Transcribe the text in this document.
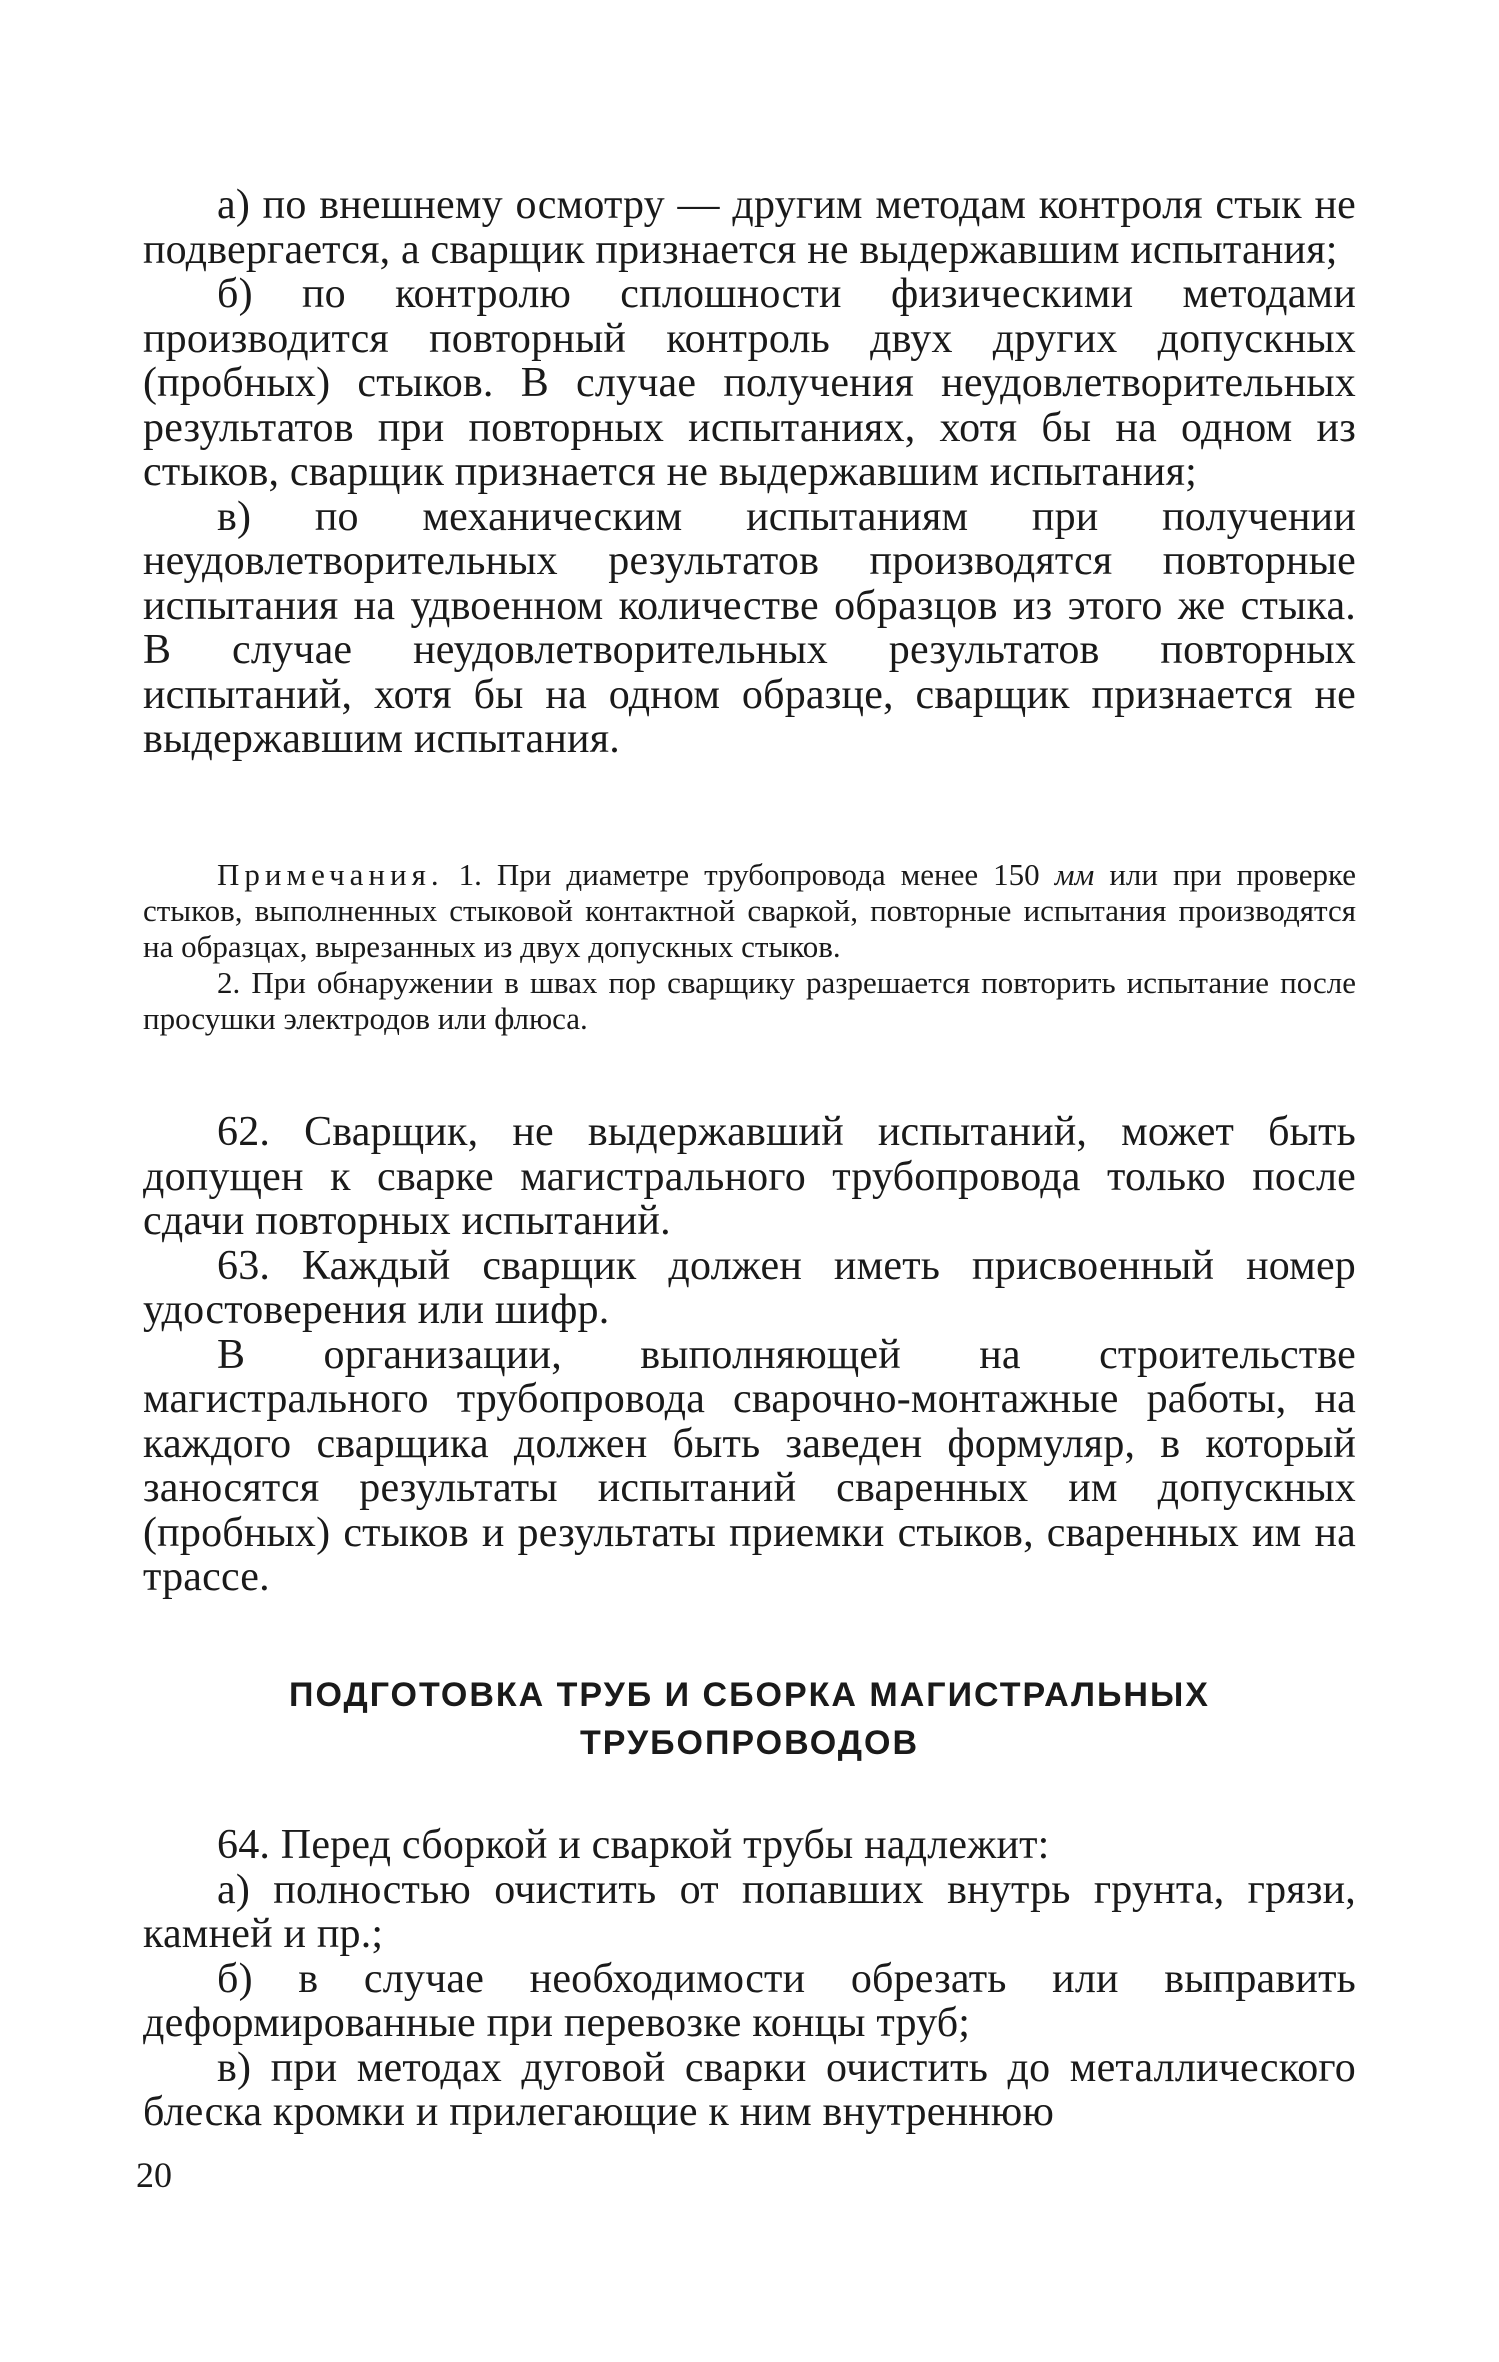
а) по внешнему осмотру — другим методам контроля стык не подвергается, а сварщик признается не выдержавшим испытания;

б) по контролю сплошности физическими методами производится повторный контроль двух других допускных (пробных) стыков. В случае получения неудовлетворительных результатов при повторных испытаниях, хотя бы на одном из стыков, сварщик признается не выдержавшим испытания;

в) по механическим испытаниям при получении неудовлетворительных результатов производятся повторные испытания на удвоенном количестве образцов из этого же стыка. В случае неудовлетворительных результатов повторных испытаний, хотя бы на одном образце, сварщик признается не выдержавшим испытания.

Примечания. 1. При диаметре трубопровода менее 150 мм или при проверке стыков, выполненных стыковой контактной сваркой, повторные испытания производятся на образцах, вырезанных из двух допускных стыков.

2. При обнаружении в швах пор сварщику разрешается повторить испытание после просушки электродов или флюса.

62. Сварщик, не выдержавший испытаний, может быть допущен к сварке магистрального трубопровода только после сдачи повторных испытаний.

63. Каждый сварщик должен иметь присвоенный номер удостоверения или шифр.

В организации, выполняющей на строительстве магистрального трубопровода сварочно-монтажные работы, на каждого сварщика должен быть заведен формуляр, в который заносятся результаты испытаний сваренных им допускных (пробных) стыков и результаты приемки стыков, сваренных им на трассе.

ПОДГОТОВКА ТРУБ И СБОРКА МАГИСТРАЛЬНЫХ
ТРУБОПРОВОДОВ

64. Перед сборкой и сваркой трубы надлежит:

а) полностью очистить от попавших внутрь грунта, грязи, камней и пр.;

б) в случае необходимости обрезать или выправить деформированные при перевозке концы труб;

в) при методах дуговой сварки очистить до металлического блеска кромки и прилегающие к ним внутреннюю

20
